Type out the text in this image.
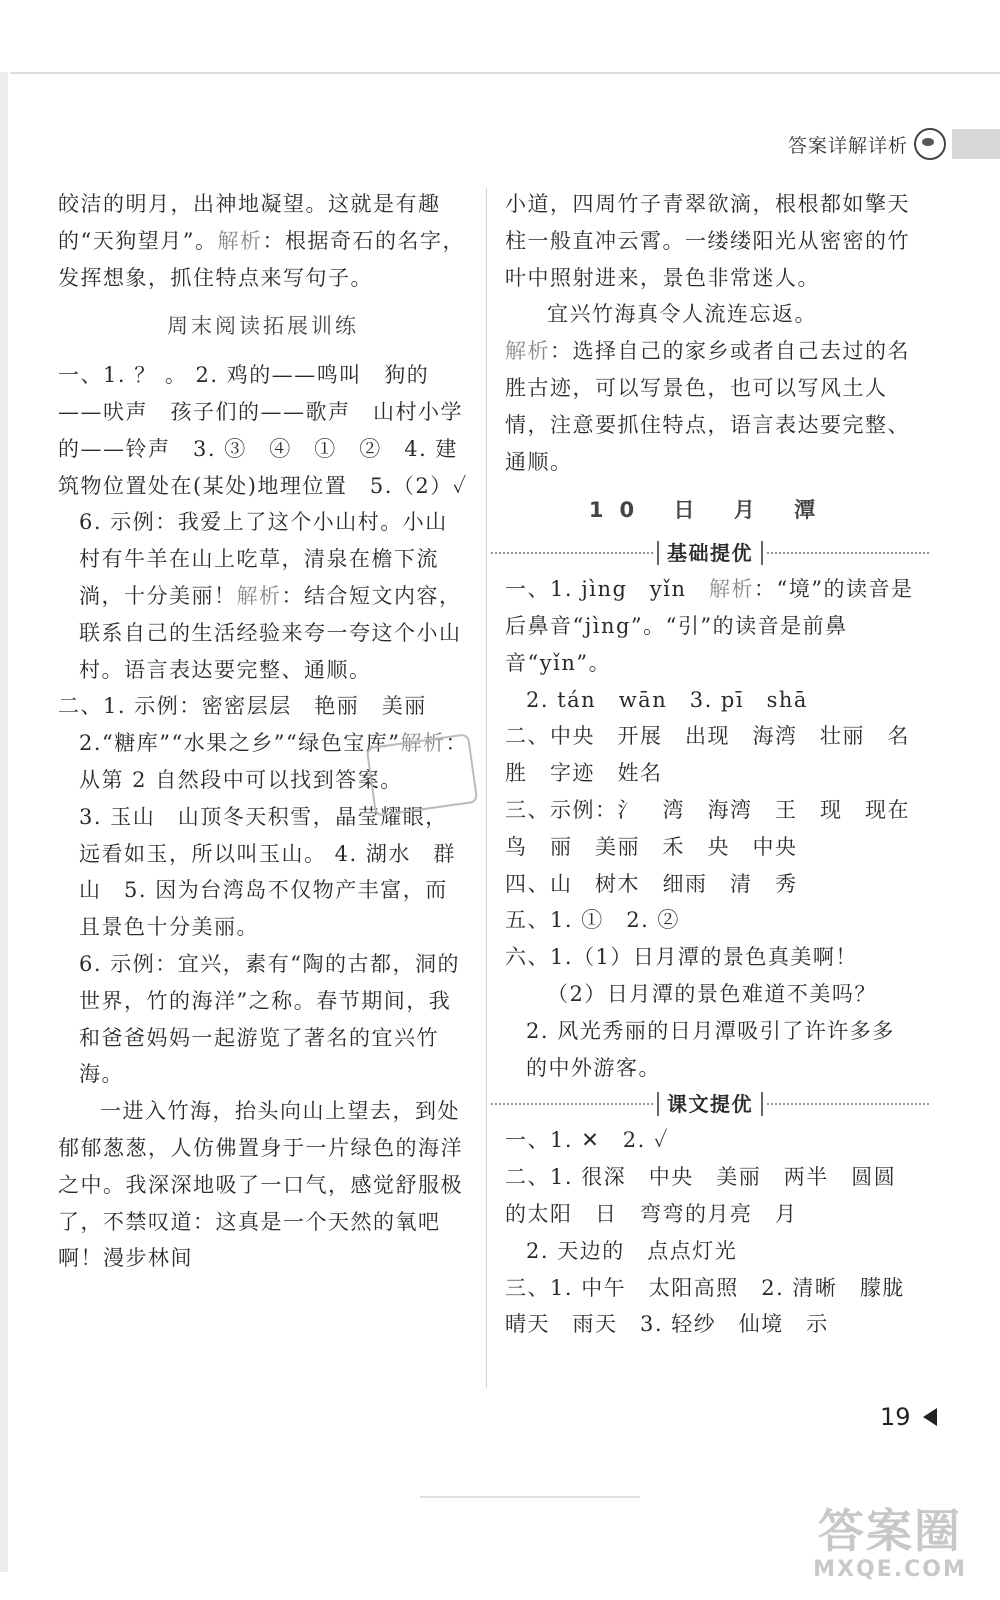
答案详解详析

皎洁的明月，出神地凝望。这就是有趣的“天狗望月”。解析：根据奇石的名字，发挥想象，抓住特点来写句子。

周末阅读拓展训练

一、1. ？ 。 2. 鸡的——鸣叫　狗的——吠声　孩子们的——歌声　山村小学的——铃声　3. ③　④　①　②　4. 建筑物位置处在(某处)地理位置　5.（2）✓

6. 示例：我爱上了这个小山村。小山村有牛羊在山上吃草，清泉在檐下流淌，十分美丽！解析：结合短文内容，联系自己的生活经验来夸一夸这个小山村。语言表达要完整、通顺。

二、1. 示例：密密层层　艳丽　美丽

2.“糖库”“水果之乡”“绿色宝库”解析：从第 2 自然段中可以找到答案。

3. 玉山　山顶冬天积雪，晶莹耀眼，远看如玉，所以叫玉山。 4. 湖水　群山　5. 因为台湾岛不仅物产丰富，而且景色十分美丽。

6. 示例：宜兴，素有“陶的古都，洞的世界，竹的海洋”之称。春节期间，我和爸爸妈妈一起游览了著名的宜兴竹海。

一进入竹海，抬头向山上望去，到处郁郁葱葱，人仿佛置身于一片绿色的海洋之中。我深深地吸了一口气，感觉舒服极了，不禁叹道：这真是一个天然的氧吧啊！漫步林间

小道，四周竹子青翠欲滴，根根都如擎天柱一般直冲云霄。一缕缕阳光从密密的竹叶中照射进来，景色非常迷人。

宜兴竹海真令人流连忘返。

解析：选择自己的家乡或者自己去过的名胜古迹，可以写景色，也可以写风土人情，注意要抓住特点，语言表达要完整、通顺。

10 日 月 潭
基础提优

一、1. jìng　yǐn　解析：“境”的读音是后鼻音“jìng”。“引”的读音是前鼻音“yǐn”。

2. tán　wān　3. pī　shā

二、中央　开展　出现　海湾　壮丽　名胜　字迹　姓名

三、示例：氵　湾　海湾　王　现　现在　鸟　丽　美丽　禾　央　中央

四、山　树木　细雨　清　秀

五、1. ①　2. ②

六、1.（1）日月潭的景色真美啊！

（2）日月潭的景色难道不美吗？

2. 风光秀丽的日月潭吸引了许许多多的中外游客。

课文提优

一、1. ✕　2. ✓

二、1. 很深　中央　美丽　两半　圆圆的太阳　日　弯弯的月亮　月

2. 天边的　点点灯光

三、1. 中午　太阳高照　2. 清晰　朦胧　晴天　雨天　3. 轻纱　仙境　示

19
答案圈
MXQE.COM
